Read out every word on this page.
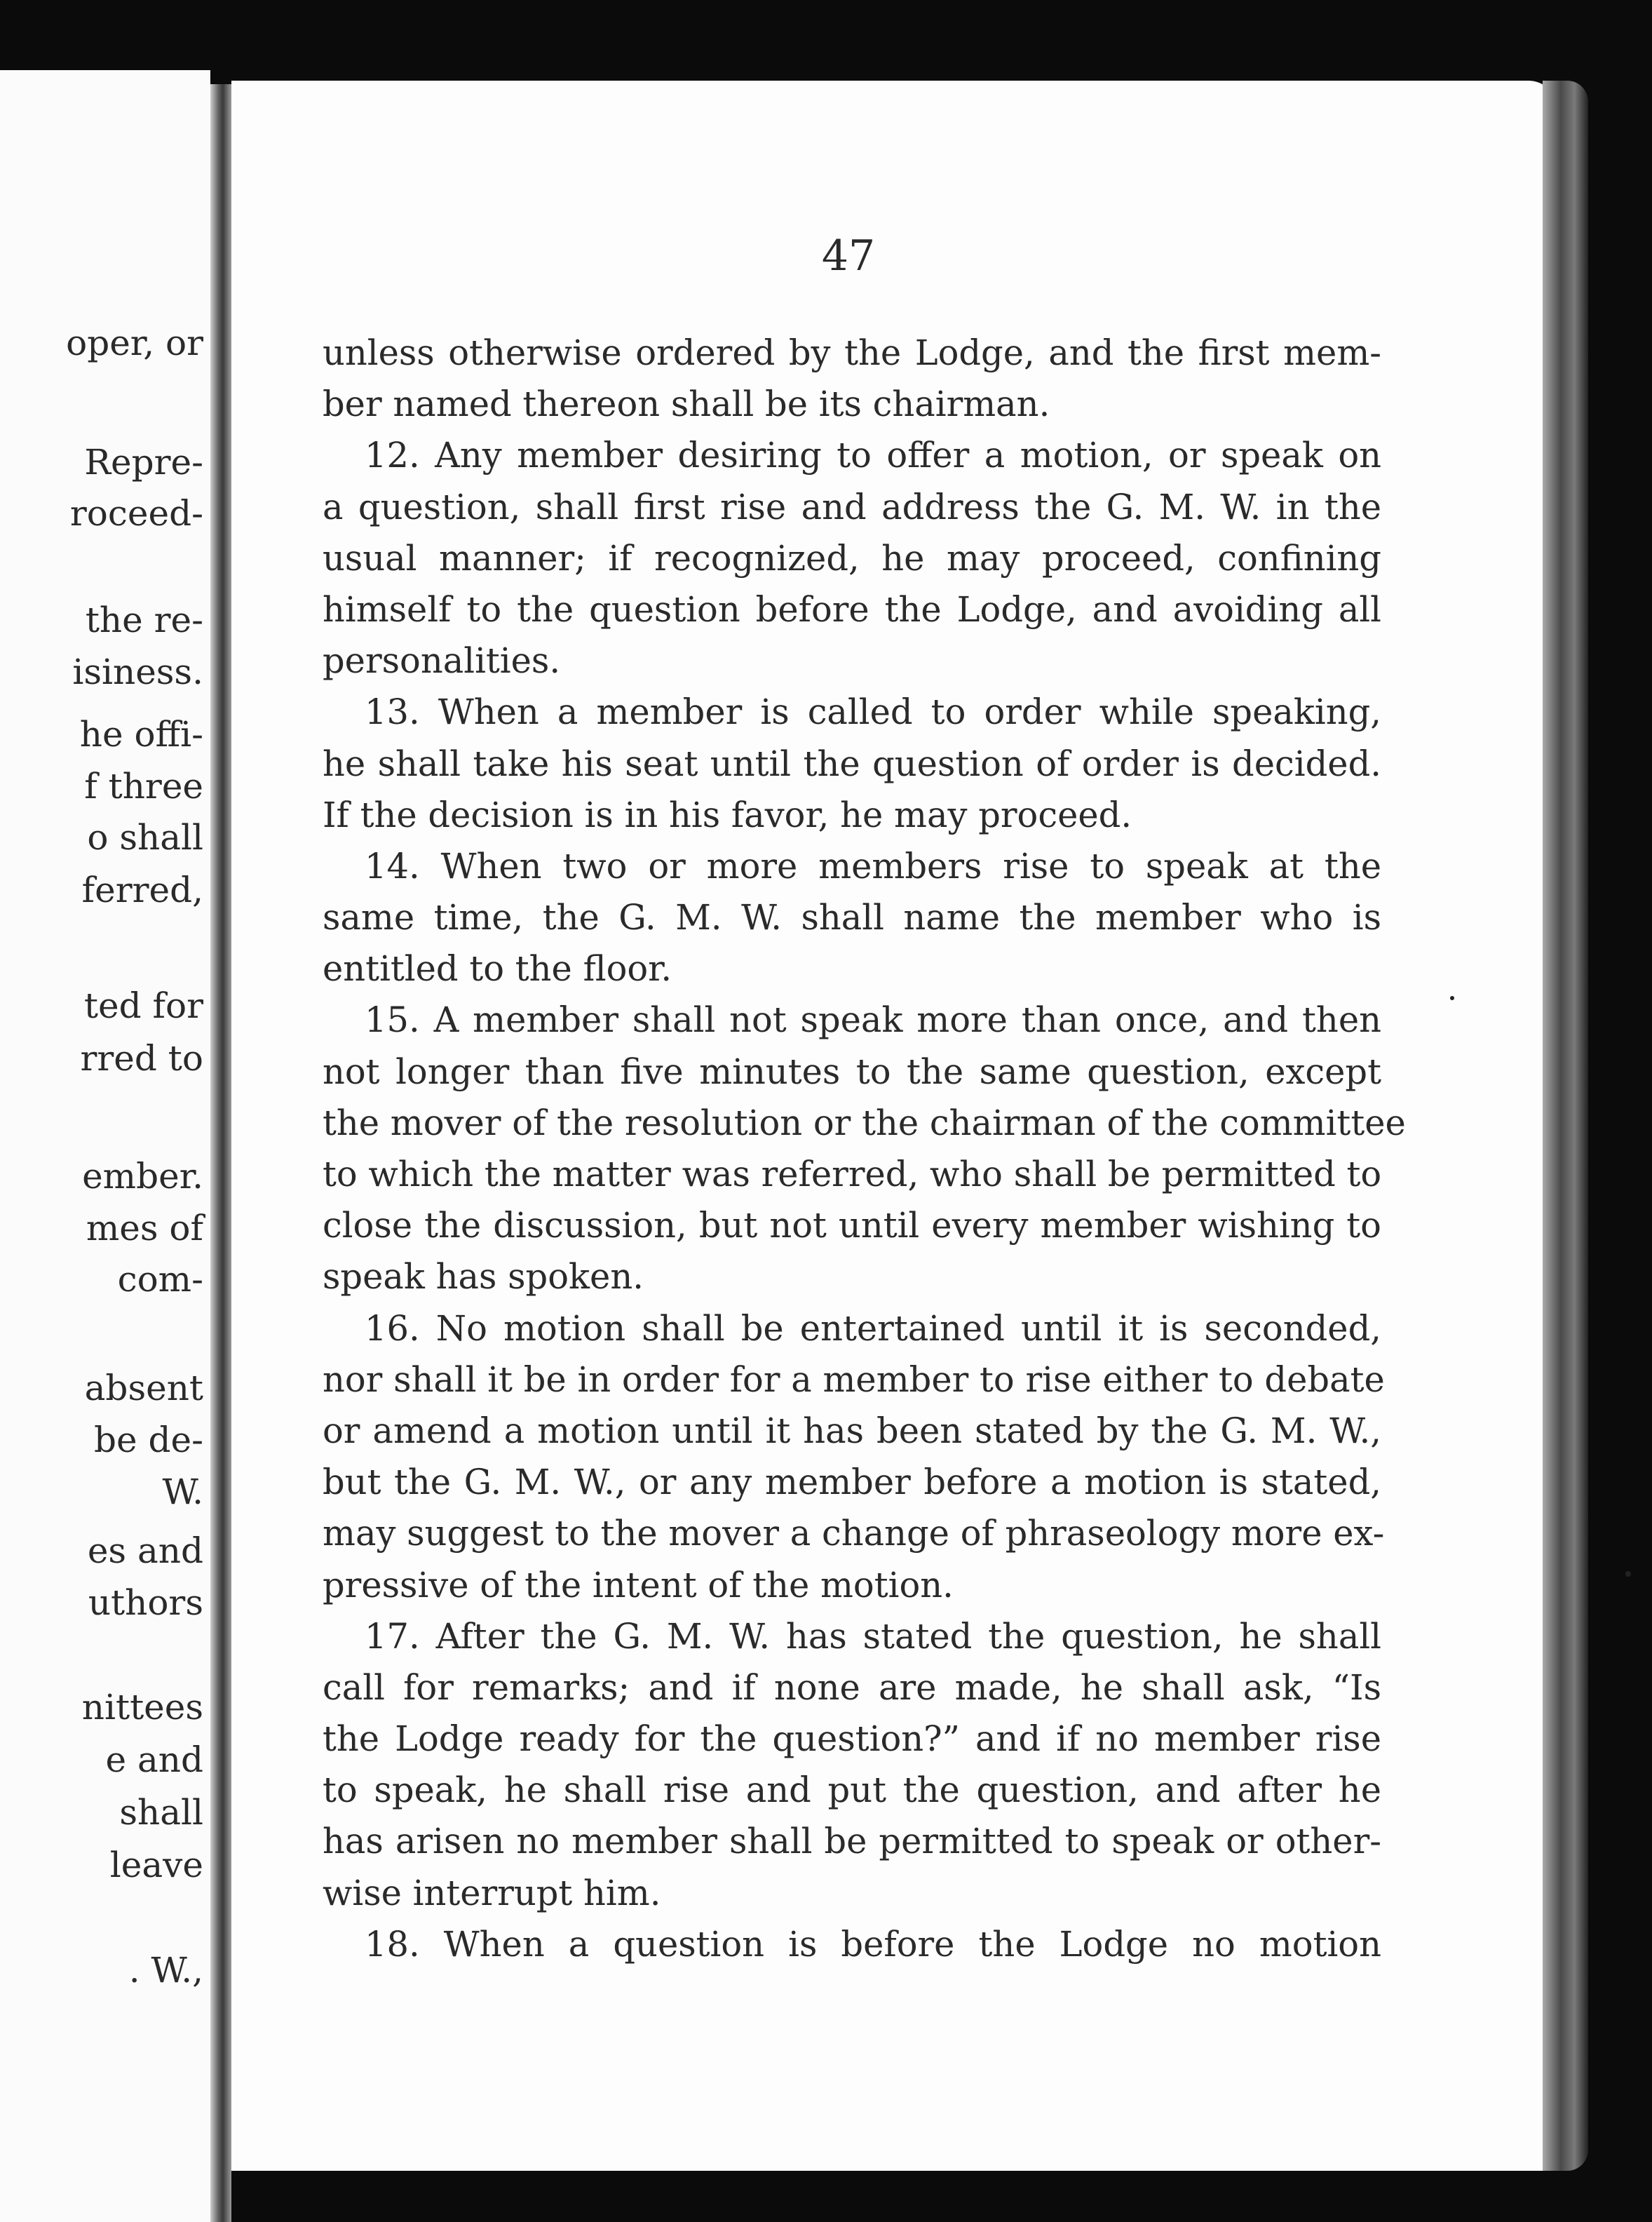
oper, or
Repre-
roceed-
the re-
isiness.
he offi-
f three
o shall
ferred,
ted for
rred to
ember.
mes of
com-
absent
be de-
W.
es and
uthors
nittees
e and
shall
leave
. W.,
47
unless otherwise ordered by the Lodge, and the first mem-
ber named thereon shall be its chairman.
12. Any member desiring to offer a motion, or speak on
a question, shall first rise and address the G. M. W. in the
usual manner; if recognized, he may proceed, confining
himself to the question before the Lodge, and avoiding all
personalities.
13. When a member is called to order while speaking,
he shall take his seat until the question of order is decided.
If the decision is in his favor, he may proceed.
14. When two or more members rise to speak at the
same time, the G. M. W. shall name the member who is
entitled to the floor.
15. A member shall not speak more than once, and then
not longer than five minutes to the same question, except
the mover of the resolution or the chairman of the committee
to which the matter was referred, who shall be permitted to
close the discussion, but not until every member wishing to
speak has spoken.
16. No motion shall be entertained until it is seconded,
nor shall it be in order for a member to rise either to debate
or amend a motion until it has been stated by the G. M. W.,
but the G. M. W., or any member before a motion is stated,
may suggest to the mover a change of phraseology more ex-
pressive of the intent of the motion.
17. After the G. M. W. has stated the question, he shall
call for remarks; and if none are made, he shall ask, “Is
the Lodge ready for the question?” and if no member rise
to speak, he shall rise and put the question, and after he
has arisen no member shall be permitted to speak or other-
wise interrupt him.
18. When a question is before the Lodge no motion
